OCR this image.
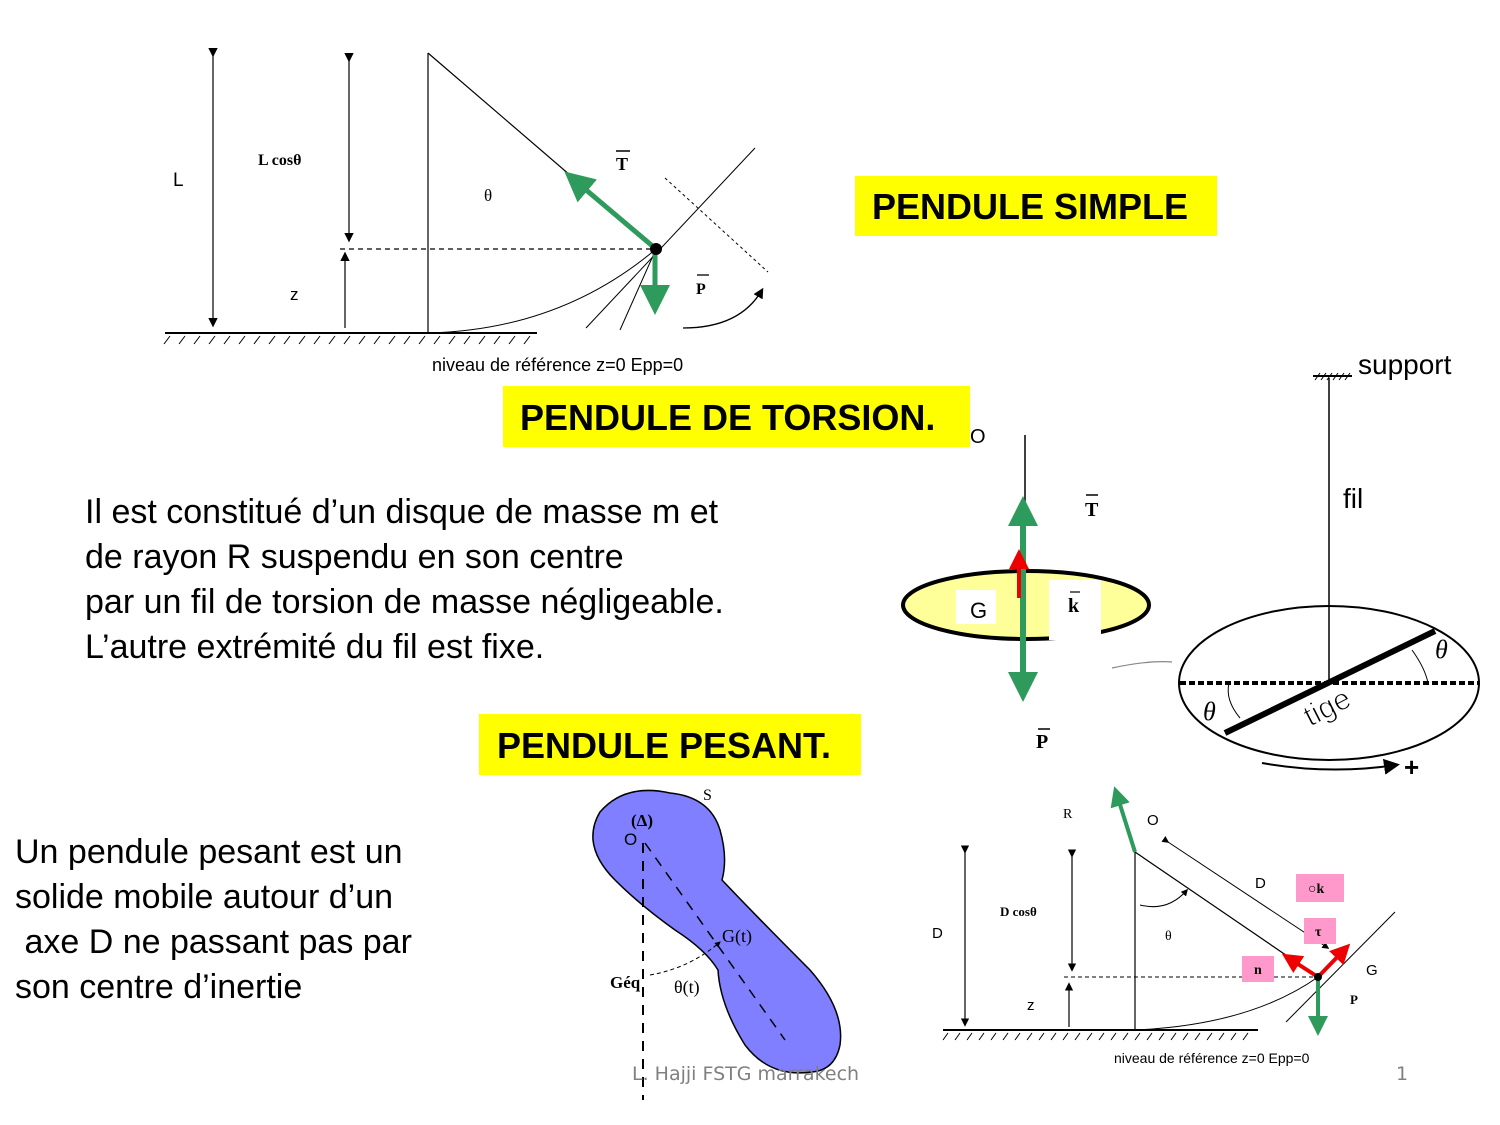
L
L cosθ
θ
z
T
P
niveau de référence z=0 Epp=0
PENDULE SIMPLE
PENDULE DE TORSION.
PENDULE PESANT.
Il est constitué d’un disque de masse m et
de rayon R suspendu en son centre
par un fil de torsion de masse négligeable.
L’autre extrémité du fil est fixe.
Un pendule pesant est un
solide mobile autour d’un
axe D ne passant pas par
son centre d’inertie
O
G	k
T
P
support
fil
tige
θ
θ
+
S
(Δ)
O
G(t)
Géq θ(t)
R	O
D
D cosθ
D	θ
z
G
P
○k
τ
n
niveau de référence z=0 Epp=0
L. Hajji FSTG marrakech	1
